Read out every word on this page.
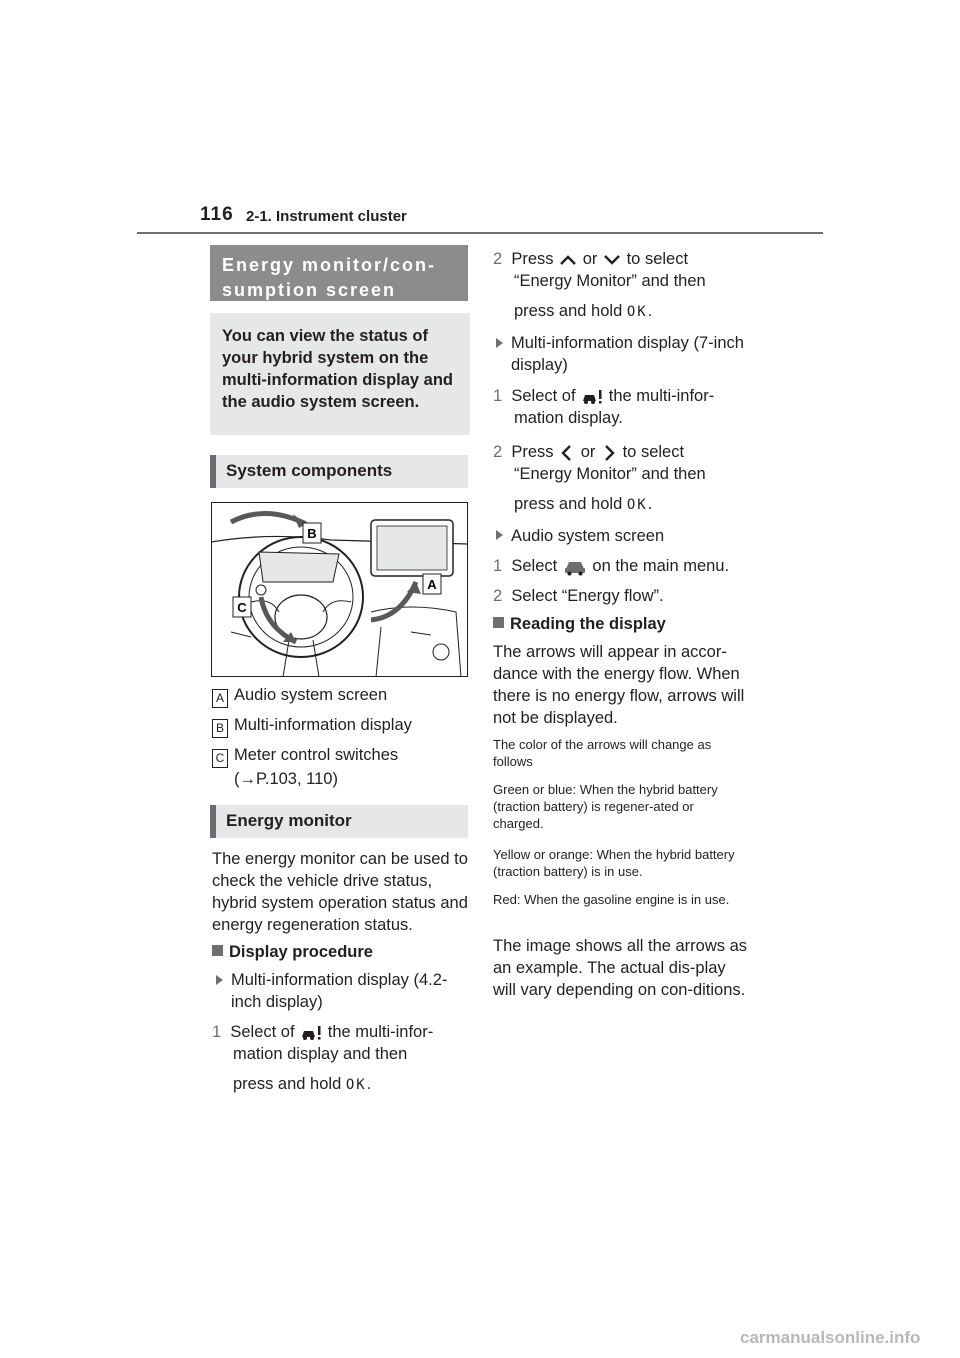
116 2-1. Instrument cluster
Energy monitor/con-
sumption screen
You can view the status of your hybrid system on the multi-information display and the audio system screen.
System components
B
A
C
A Audio system screen
B Multi-information display
C Meter control switches
(→P.103, 110)
Energy monitor
The energy monitor can be used to check the vehicle drive status, hybrid system operation status and energy regeneration status.
Display procedure
Multi-information display (4.2-inch display)
1 Select of the multi-infor-
mation display and then
press and hold OK.
2 Press or to select
“Energy Monitor” and then
press and hold OK.
Multi-information display (7-inch display)
1 Select of the multi-infor-
mation display.
2 Press or to select
“Energy Monitor” and then
press and hold OK.
Audio system screen
1 Select on the main menu.
2 Select “Energy flow”.
Reading the display
The arrows will appear in accor-dance with the energy flow. When there is no energy flow, arrows will not be displayed.
The color of the arrows will change as follows
Green or blue: When the hybrid battery (traction battery) is regener-ated or charged.
Yellow or orange: When the hybrid battery (traction battery) is in use.
Red: When the gasoline engine is in use.
The image shows all the arrows as an example. The actual dis-play will vary depending on con-ditions.
carmanualsonline.info
